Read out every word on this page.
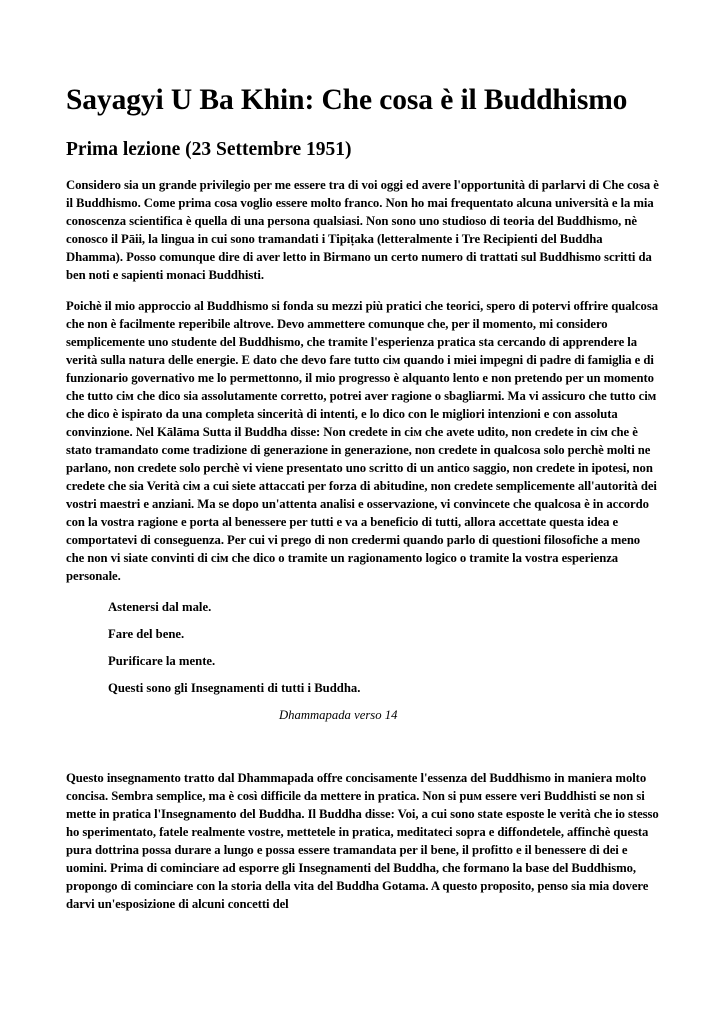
Sayagyi U Ba Khin: Che cosa è il Buddhismo
Prima lezione (23 Settembre 1951)

Considero sia un grande privilegio per me essere tra di voi oggi ed avere l'opportunità di parlarvi di Che cosa è il Buddhismo. Come prima cosa voglio essere molto franco. Non ho mai frequentato alcuna università e la mia conoscenza scientifica è quella di una persona qualsiasi. Non sono uno studioso di teoria del Buddhismo, nè conosco il Pāii, la lingua in cui sono tramandati i Tipiṭaka (letteralmente i Tre Recipienti del Buddha Dhamma). Posso comunque dire di aver letto in Birmano un certo numero di trattati sul Buddhismo scritti da ben noti e sapienti monaci Buddhisti.

Poichè il mio approccio al Buddhismo si fonda su mezzi più pratici che teorici, spero di potervi offrire qualcosa che non è facilmente reperibile altrove. Devo ammettere comunque che, per il momento, mi considero semplicemente uno studente del Buddhismo, che tramite l'esperienza pratica sta cercando di apprendere la verità sulla natura delle energie. E dato che devo fare tutto ciм quando i miei impegni di padre di famiglia e di funzionario governativo me lo permettonno, il mio progresso è alquanto lento e non pretendo per un momento che tutto ciм che dico sia assolutamente corretto, potrei aver ragione o sbagliarmi. Ma vi assicuro che tutto ciм che dico è ispirato da una completa sincerità di intenti, e lo dico con le migliori intenzioni e con assoluta convinzione. Nel Kālāma Sutta il Buddha disse: Non credete in ciм che avete udito, non credete in ciм che è stato tramandato come tradizione di generazione in generazione, non credete in qualcosa solo perchè molti ne parlano, non credete solo perchè vi viene presentato uno scritto di un antico saggio, non credete in ipotesi, non credete che sia Verità ciм a cui siete attaccati per forza di abitudine, non credete semplicemente all'autorità dei vostri maestri e anziani. Ma se dopo un'attenta analisi e osservazione, vi convincete che qualcosa è in accordo con la vostra ragione e porta al benessere per tutti e va a beneficio di tutti, allora accettate questa idea e comportatevi di conseguenza. Per cui vi prego di non credermi quando parlo di questioni filosofiche a meno che non vi siate convinti di ciм che dico o tramite un ragionamento logico o tramite la vostra esperienza personale.

Astenersi dal male.

Fare del bene.

Purificare la mente.

Questi sono gli Insegnamenti di tutti i Buddha.

Dhammapada verso 14

Questo insegnamento tratto dal Dhammapada offre concisamente l'essenza del Buddhismo in maniera molto concisa. Sembra semplice, ma è così difficile da mettere in pratica. Non si puм essere veri Buddhisti se non si mette in pratica l'Insegnamento del Buddha. Il Buddha disse: Voi, a cui sono state esposte le verità che io stesso ho sperimentato, fatele realmente vostre, mettetele in pratica, meditateci sopra e diffondetele, affinchè questa pura dottrina possa durare a lungo e possa essere tramandata per il bene, il profitto e il benessere di dei e uomini. Prima di cominciare ad esporre gli Insegnamenti del Buddha, che formano la base del Buddhismo, propongo di cominciare con la storia della vita del Buddha Gotama. A questo proposito, penso sia mia dovere darvi un'esposizione di alcuni concetti del
